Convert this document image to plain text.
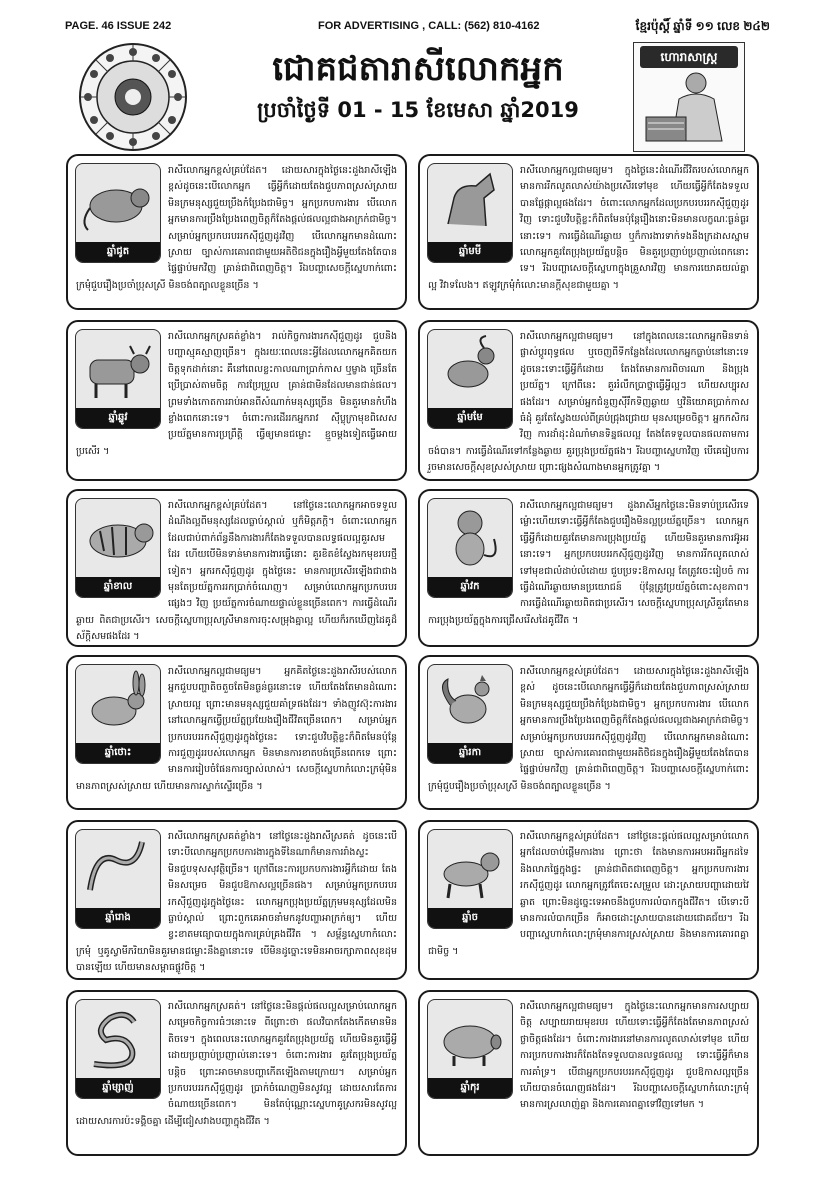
PAGE. 46 ISSUE 242	FOR ADVERTISING , CALL: (562) 810-4162	ខ្មែរប៉ុស្តិ៍ ឆ្នាំទី ១១ លេខ ២៤២
ជោគជតារាសីលោកអ្នក
ប្រចាំថ្ងៃទី 01 - 15 ខែមេសា ឆ្នាំ2019
ហោរាសាស្ត្រ
ឆ្នាំជូត
រាសីលោកអ្នកខ្ពស់គ្រប់ដែត។ ដោយសារក្នុងថ្ងៃនេះដួងរាសីឡើងខ្ពស់ដូចនេះបើលោកអ្នក ធ្វើអ្វីក៏ដោយតែងជួបភាពស្រស់ស្រាយ មិនក្រមនុស្សជួយប្រឹងកំប្រែងជាមិច្ច។ អ្នកប្រកបការងារ បើលោកអ្នកមានការប្រឹងប្រែងពេញចិត្តក៏តែងផ្តល់ផលល្អជាងអាក្រក់ជាមិច្ច។ សម្រាប់អ្នកប្រកបរបររកស៊ីជួញដូរវិញ បើលោកអ្នកមានដំណោះស្រាយ ច្បាស់ការគោរពជាមួយអតិថិជនក្នុងរឿងអ្វីមួយតែងតែបានផ្ទៃផ្ទាប់មកវិញ គ្រាន់ជាពិពេញចិត្ត។ រីឯបញ្ហាសេចក្តីស្នេហាក់ពោះក្រមុំជួបរឿងប្រចាំប្រុសស្រី មិនចង់ពត្បាលខ្លួនច្រើន ។
ឆ្នាំមមី
រាសីលោកអ្នកល្អជាមធ្យម។ ក្នុងថ្ងៃនេះដំណើរជីវិតរបស់លោកអ្នកមានការរីកលូតលាស់យ៉ាងប្រសើរទៅមុខ ហើយធ្វើអ្វីក៏តែងទទួលបានផ្លែផ្កាល្អផងដែរ។ ចំពោះលោកអ្នកដែលប្រកបរបររកស៊ីជួញដូរវិញ ទោះជួបវិបត្តិខ្លះក៏ពិតមែនប៉ុន្តែរឿងនោះមិនមានលក្ខណៈធ្ងន់ធ្ងរនោះទេ។ ការធ្វើដំណើរឆ្ងាយ ឬក៏ការងារទាក់ទងនឹងក្រដាសស្នាម លោកអ្នកគួរតែប្រុងប្រយ័ត្នបន្តិច មិនគួរប្រញាប់ប្រញាល់ពេកនោះទេ។ រីឯបញ្ហាសេចក្តីស្នេហាក្នុងគ្រួសារវិញ មានការយោគយល់គ្នាល្អ វិវាទលែង។ ឥឡូវក្រមុំកំលោះមានក្តីសុខជាមួយគ្នា ។
ឆ្នាំឆ្លូវ
រាសីលោកអ្នកស្រគត់ខ្លាំង។ រាល់កិច្ចការងារកស៊ីជួញដូរ ជួបនិងបញ្ហាស្មុគស្មាញច្រើន។ ក្នុងរយៈពេលនេះអ្វីដែលលោកអ្នកគិតយកចិត្តទុកដាក់នោះ គឺនៅពេលខ្លះកាលណាប្រាក់កាស ឬម្ខាង ច្រើនតែប្រើប្រាស់តាមចិត្ត ការប្រែប្រួល គ្រាន់ជាមិនដែលមានជាន់ផល។ ព្រមទាំងកោតការរាប់អានពីសំណាក់មនុស្សច្រើន មិនគួរមានកំហឹងខ្លាំងពេកនោះទេ។ ចំពោះការដើររកអ្នករាវ ស៊ីប្លុក្រាមុខពិសេស ប្រយ័ត្នមានការប្រព្រឹត្តិ ធ្វើឲ្យមានជម្លោះ ខ្មួចម្តងទៀតធ្វើអោយប្រសើរ ។
ឆ្នាំមមែ
រាសីលោកអ្នកល្អជាមធ្យម។ នៅក្នុងពេលនេះលោកអ្នកមិនទាន់ផ្លាស់ប្តូរពុទ្ធផល ឬចេញពីទីកន្លែងដែលលោកអ្នកធ្លាប់នៅនោះទេ ដូចនេះទោះធ្វើអ្វីក៏ដោយ តែងតែមានការពិចារណា និងប្រុងប្រយ័ត្ន។ ក្រៅពីនេះ គួររំលឹកប្រាថ្នាធ្វើអ្វីល្អៗ ហើយសប្បុរសផងដែរ។ សម្រាប់អ្នកជំនួញស៊ីរឹកទិញឆ្ងាយ ឬវិនិយោគប្រាក់កាសធំដុំ គួរតែស្វែងយល់ពីគ្រប់ជ្រុងជ្រោយ មុនសម្រេចចិត្ត។ អ្នកកសិករវិញ ការដាំដុះដំណាំមានទិន្នផលល្អ តែងតែទទួលបានផលតាមការចង់បាន។ ការធ្វើដំណើរទៅកន្លែងឆ្ងាយ គួរប្រុងប្រយ័ត្នផង។ រីឯបញ្ហាស្នេហាវិញ បើគេរៀបការរួចមានសេចក្តីសុខស្រស់ស្រាយ ព្រោះផ្សងសំណាងមានអ្នកត្រូវគ្នា ។
ឆ្នាំខាល
រាសីលោកអ្នកខ្ពស់គ្រប់ដែត។ នៅថ្ងៃនេះលោកអ្នកអាចទទួលដំណឹងល្អពីមនុស្សដែលធ្លាប់ស្គាល់ ឬក៏មិត្តភក្តិ។ ចំពោះលោកអ្នកដែលជាប់ពាក់ព័ន្ធនឹងការងារក៏តែងទទួលបានលទ្ធផលល្អគួរសមដែរ ហើយបើមិនទាន់មានការងារធ្វើនោះ គួរខិតខំស្វែងរកមុខរបរថ្មីទៀត។ អ្នករកស៊ីជួញដូរ ក្នុងថ្ងៃនេះ មានការប្រសើរឡើងជាជាងមុនតែប្រយ័ត្នការរកប្រាក់ចំណេញ។ សម្រាប់លោកអ្នកប្រកបរបរផ្សេងៗ វិញ ប្រយ័ត្នការចំណាយផ្ទាល់ខ្លួនច្រើនពេក។ ការធ្វើដំណើរឆ្ងាយ ពិតជាប្រសើរ។ សេចក្តីស្នេហាប្រុសស្រីមានការចុះសម្រុងគ្នាល្អ ហើយក៏រកឃើញដៃគូដ៏ស័ក្តិសមផងដែរ ។
ឆ្នាំវក
រាសីលោកអ្នកល្អជាមធ្យម។ ដួងរាសីអ្នកថ្ងៃនេះមិនទាប់ប្រសើរទេ ម៉្លោះហើយទោះធ្វើអ្វីក៏តែងជួបរឿងមិនល្អប្រយ័ត្នច្រើន។ លោកអ្នកធ្វើអ្វីក៏ដោយគួរតែមានការប្រុងប្រយ័ត្ន ហើយមិនគួរមានការអ៊ូអរនោះទេ។ អ្នកប្រកបរបររកស៊ីជួញដូរវិញ មានការរីកលូតលាស់ទៅមុខជាលំដាប់លំដោយ ជួបប្រទះឱកាសល្អ តែត្រូវចេះរៀបចំ ការធ្វើដំណើរឆ្ងាយមានប្រយោជន៍ ប៉ុន្តែត្រូវប្រយ័ត្នចំពោះសុខភាព។ ការធ្វើដំណើរឆ្ងាយពិតជាប្រសើរ។ សេចក្តីស្នេហាប្រុសស្រីគួរតែមានការប្រុងប្រយ័ត្នក្នុងការជ្រើសរើសដៃគូជីវិត ។
ឆ្នាំថោះ
រាសីលោកអ្នកល្អជាមធ្យម។ អ្នកគិតថ្ងៃនេះដួងរាសីរបស់លោកអ្នកជួបបញ្ហាតិចតួចតែមិនធ្ងន់ធ្ងរនោះទេ ហើយតែងតែមានដំណោះស្រាយល្អ ព្រោះមានមនុស្សជួយគាំទ្រផងដែរ។ ទាំងញូវស៊ុះការងារនៅលោកអ្នកធ្វើប្រយ័ត្នប្រយែងរឿងជីវិតច្រើនពេក។ សម្រាប់អ្នកប្រកបរបររកស៊ីជួញដូរក្នុងថ្ងៃនេះ ទោះជួបវិបត្តិខ្លះក៏ពិតមែនប៉ុន្តែការជួញដូររបស់លោកអ្នក មិនមានការខាតបង់ច្រើនពេកទេ ព្រោះមានការរៀបចំផែនការច្បាស់លាស់។ សេចក្តីស្នេហាកំលោះក្រមុំមិនមានភាពស្រស់ស្រាយ ហើយមានការស្ទាក់ស្ទើរច្រើន ។
ឆ្នាំរកា
រាសីលោកអ្នកខ្ពស់គ្រប់ដែត។ ដោយសារក្នុងថ្ងៃនេះដួងរាសីឡើងខ្ពស់ ដូចនេះបើលោកអ្នកធ្វើអ្វីក៏ដោយតែងជួបភាពស្រស់ស្រាយ មិនក្រមនុស្សជួយប្រឹងកំប្រែងជាមិច្ច។ អ្នកប្រកបការងារ បើលោកអ្នកមានការប្រឹងប្រែងពេញចិត្តក៏តែងផ្តល់ផលល្អជាងអាក្រក់ជាមិច្ច។ សម្រាប់អ្នកប្រកបរបររកស៊ីជួញដូរវិញ បើលោកអ្នកមានដំណោះស្រាយ ច្បាស់ការគោរពជាមួយអតិថិជនក្នុងរឿងអ្វីមួយតែងតែបានផ្ទៃផ្ទាប់មកវិញ គ្រាន់ជាពិពេញចិត្ត។ រីឯបញ្ហាសេចក្តីស្នេហាក់ពោះក្រមុំជួបរឿងប្រចាំប្រុសស្រី មិនចង់ពត្បាលខ្លួនច្រើន ។
ឆ្នាំរោង
រាសីលោកអ្នកស្រគត់ខ្លាំង។ នៅថ្ងៃនេះដួងរាសីស្រគត់ ដូចនេះបើទោះបីលោកអ្នកប្រកបការងារក្នុងទីនៃណាក៏មានការរាំងស្ទះមិនជួបទុសសុវត្ថិច្រើន។ ក្រៅពីនេះការប្រកបការងារអ្វីក៏ដោយ តែងមិនសម្រេច មិនជួបឱកាសល្អច្រើនផង។ សម្រាប់អ្នកប្រកបរបររកស៊ីជួញដូរក្នុងថ្ងៃនេះ លោកអ្នកប្រុងប្រយ័ត្នក្រុមមនុស្សដែលមិនធ្លាប់ស្គាល់ ព្រោះពួកគេអាចនាំមកនូវបញ្ហាអាក្រក់ឲ្យ។ ហើយខ្វះខាតមធ្យោបាយក្នុងការគ្រប់គ្រងជីវិត ។ សម្ព័ន្ធស្នេហាកំលោះក្រមុំ ឬគូស្វាមីភរិយាមិនគួរមានជម្លោះនឹងគ្នានោះទេ បើមិនដូច្នោះទេមិនអាចរក្សាភាពសុខដុមបានឡើយ ហើយមានសម្ពាធផ្លូវចិត្ត ។
ឆ្នាំច
រាសីលោកអ្នកខ្ពស់គ្រប់ដែត។ នៅថ្ងៃនេះផ្តល់ផលល្អសម្រាប់លោកអ្នកដែលចាប់ផ្តើមការងារ ព្រោះថា តែងមានការអបអរពីអ្នកដទៃ និងលាភផ្ទៃក្នុងផ្ទះ គ្រាន់ជាពិតជាពេញចិត្ត។ អ្នកប្រកបការងារ រកស៊ីជួញដូរ លោកអ្នកត្រូវតែចេះសម្រួល ដោះស្រាយបញ្ហាដោយវៃឆ្លាត ព្រោះមិនដូច្នេះទេអាចនឹងជួបការលំបាកក្នុងជីវិត។ បើទោះបីមានការលំបាកច្រើន ក៏អាចដោះស្រាយបានដោយជោគជ័យ។ រីឯបញ្ហាស្នេហាកំលោះក្រមុំមានការស្រស់ស្រាយ និងមានការគោរពគ្នាជាមិច្ច ។
ឆ្នាំម្សាញ់
រាសីលោកអ្នកស្រគត់។ នៅថ្ងៃនេះមិនផ្តល់ផលល្អសម្រាប់លោកអ្នកសម្រេចកិច្ចការធំៗនោះទេ ពីព្រោះថា ផលវិបាកតែងកើតមានមិនតិចទេ។ ក្នុងពេលនេះលោកអ្នកគួរតែប្រុងប្រយ័ត្ន ហើយមិនគួរធ្វើអ្វីដោយប្រញាប់ប្រញាល់នោះទេ។ ចំពោះការងារ គួរតែប្រុងប្រយ័ត្នបន្តិច ព្រោះអាចមានបញ្ហាកើតឡើងតាមក្រោយ។ សម្រាប់អ្នកប្រកបរបររកស៊ីជួញដូរ ប្រាក់ចំណេញមិនសូវល្អ ដោយសារតែការចំណាយច្រើនពេក។ មិនតែប៉ុណ្ណោះស្នេហាគូស្រករមិនសូវល្អ ដោយសារការប៉ះទង្គិចគ្នា ដើម្បីជៀសវាងបញ្ហាក្នុងជីវិត ។
ឆ្នាំកុរ
រាសីលោកអ្នកល្អជាមធ្យម។ ក្នុងថ្ងៃនេះលោកអ្នកមានការសប្បាយចិត្ត សប្បាយរាយមុខរបរ ហើយទោះធ្វើអ្វីក៏តែងតែមានភាពស្រស់ថ្លាចិត្តផងដែរ។ ចំពោះការងារនៅមានការលូតលាស់ទៅមុខ ហើយការប្រកបការងារក៏តែងតែទទួលបានលទ្ធផលល្អ ទោះធ្វើអ្វីក៏មានការគាំទ្រ។ បើជាអ្នកប្រកបរបររកស៊ីជួញដូរ ជួបឱកាសល្អច្រើន ហើយបានចំណេញផងដែរ។ រីឯបញ្ហាសេចក្តីស្នេហាកំលោះក្រមុំមានការស្រលាញ់គ្នា និងការគោរពគ្នាទៅវិញទៅមក ។
